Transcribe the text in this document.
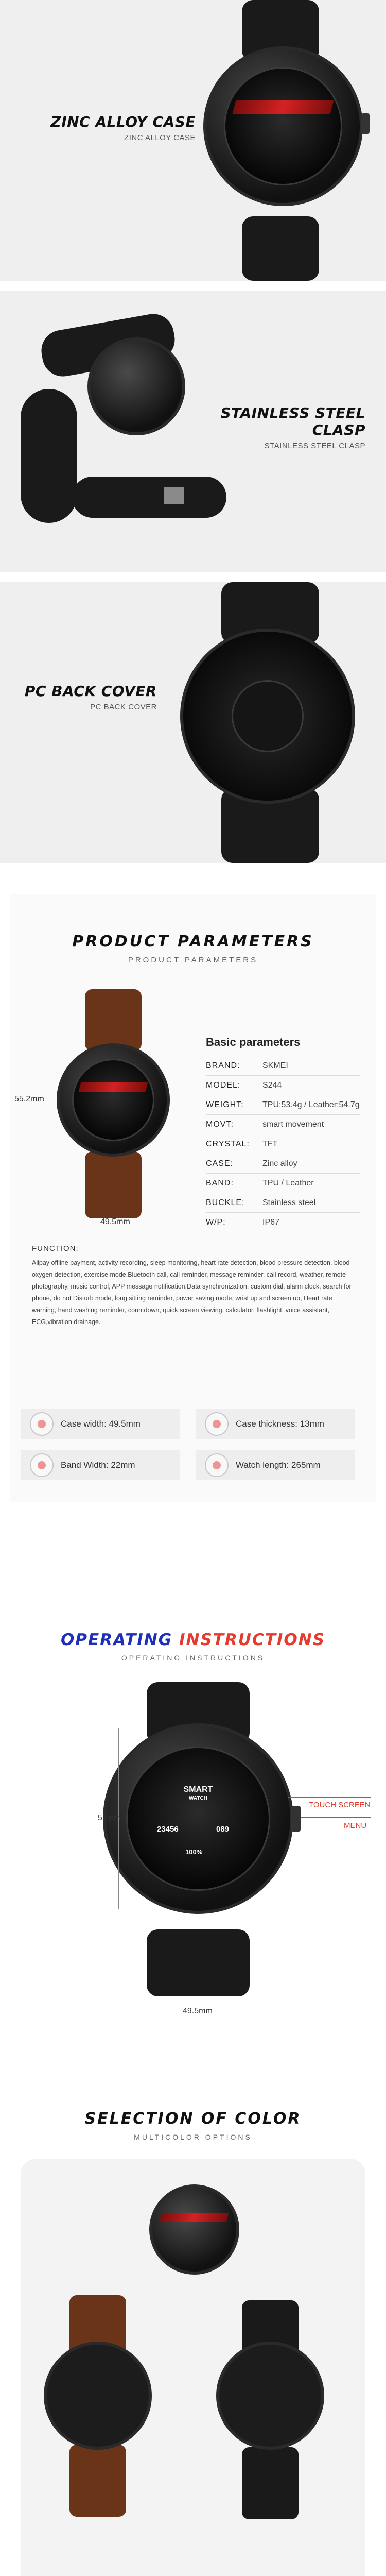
ZINC ALLOY CASE
ZINC ALLOY CASE
STAINLESS STEEL CLASP
STAINLESS STEEL CLASP
PC BACK COVER
PC BACK COVER
PRODUCT PARAMETERS
PRODUCT PARAMETERS
55.2mm
49.5mm
Basic parameters
BRAND:	SKMEI
MODEL:	S244
WEIGHT:	TPU:53.4g / Leather:54.7g
MOVT:	smart movement
CRYSTAL:	TFT
CASE:	Zinc alloy
BAND:	TPU / Leather
BUCKLE:	Stainless steel
W/P:	IP67
FUNCTION:
Alipay offline payment, activity recording, sleep monitoring, heart rate detection, blood pressure detection, blood oxygen detection, exercise mode,Bluetooth call, call reminder, message reminder, call record, weather, remote photography, music control, APP message notification,Data synchronization, custom dial, alarm clock, search for phone, do not Disturb mode, long sitting reminder, power saving mode, wrist up and screen up, Heart rate warning, hand washing reminder, countdown, quick screen viewing, calculator, flashlight, voice assistant, ECG,vibration drainage.
Case width: 49.5mm	Case thickness: 13mm
Band Width: 22mm	Watch length: 265mm
OPERATING INSTRUCTIONS
OPERATING INSTRUCTIONS
SMART
WATCH
23456	089
100%
TOUCH SCREEN
MENU
53mm
49.5mm
SELECTION OF COLOR
MULTICOLOR OPTIONS
